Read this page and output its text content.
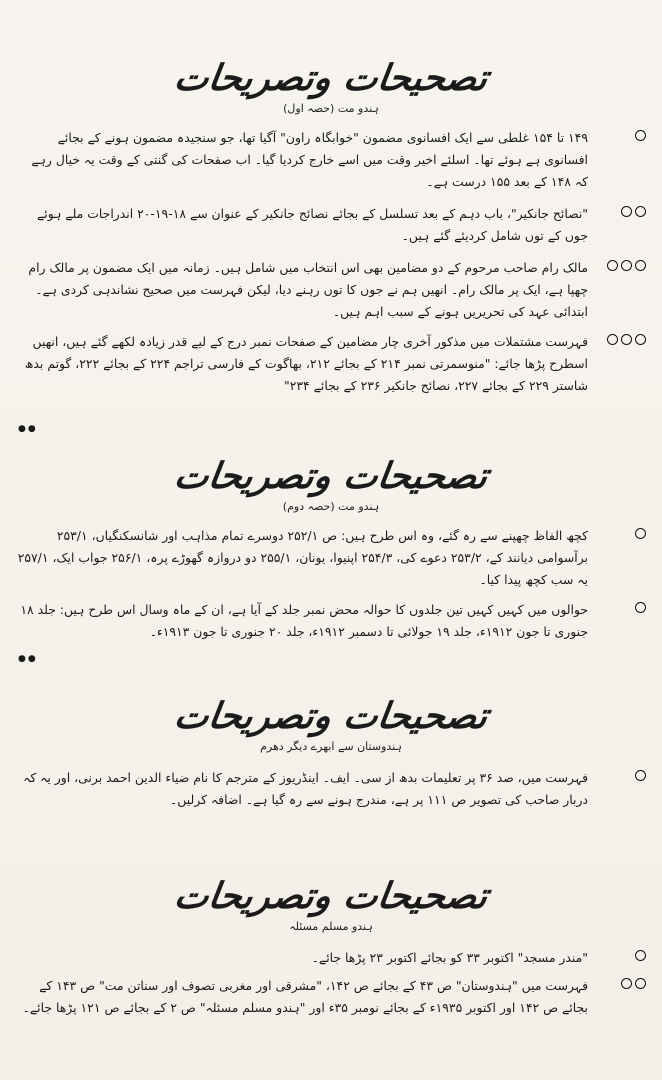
تصحیحات وتصریحات
ہندو مت (حصہ اول)
۱۴۹ تا ۱۵۴ غلطی سے ایک افسانوی مضمون "خوابگاہ راون" آگیا تھا، جو سنجیدہ مضمون ہونے کے بجائے افسانوی ہے ہوئے تھا۔ اسلئے اخیر وقت میں اسے خارج کردیا گیا۔ اب صفحات کی گنتی کے وقت یہ خیال رہے کہ ۱۴۸ کے بعد ۱۵۵ درست ہے۔
"نصائح جانکیر"، باب دہم کے بعد تسلسل کے بجائے نصائح جانکیر کے عنوان سے ۱۸-۱۹-۲۰ اندراجات ملے ہوئے جوں کے توں شامل کردیئے گئے ہیں۔
مالک رام صاحب مرحوم کے دو مضامین بھی اس انتخاب میں شامل ہیں۔ زمانہ میں ایک مضمون پر مالک رام چھپا ہے، ایک پر مالک رام۔ انھیں ہم نے جوں کا توں رہنے دیا، لیکن فہرست میں صحیح نشاندہی کردی ہے۔ ابتدائی عہد کی تحریریں ہونے کے سبب اہم ہیں۔
فہرست مشتملات میں مذکور آخری چار مضامین کے صفحات نمبر درج کے لیے قدر زیادہ لکھے گئے ہیں، انھیں اسطرح پڑھا جائے: "منوسمرتی نمبر ۲۱۴ کے بجائے ۲۱۲، بھاگوت کے فارسی تراجم ۲۲۴ کے بجائے ۲۲۲، گوتم بدھ شاستر ۲۲۹ کے بجائے ۲۲۷، نصائح جانکیر ۲۳۶ کے بجائے ۲۳۴"
●●
تصحیحات وتصریحات
ہندو مت (حصہ دوم)
کچھ الفاظ چھپنے سے رہ گئے، وہ اس طرح ہیں: ص ۲۵۲/۱ دوسرے تمام مذاہب اور شانسکنگیاں، ۲۵۳/۱ برآسوامی دیانند کے، ۲۵۳/۲ دعوے کی، ۲۵۴/۳ اپنیوا، یونان، ۲۵۵/۱ دو دروازہ گھوڑے پرہ، ۲۵۶/۱ جواب ایک، ۲۵۷/۱ یہ سب کچھ پیدا کیا۔
حوالوں میں کہیں کہیں تین جلدوں کا حوالہ محض نمبر جلد کے آیا ہے، ان کے ماہ وسال اس طرح ہیں: جلد ۱۸ جنوری تا جون ۱۹۱۲ء، جلد ۱۹ جولائی تا دسمبر ۱۹۱۲ء، جلد ۲۰ جنوری تا جون ۱۹۱۳ء۔
●●
تصحیحات وتصریحات
ہندوستان سے ابھرے دیگر دھرم
فہرست میں، صد ۳۶ پر تعلیمات بدھ از سی۔ ایف۔ اینڈریوز کے مترجم کا نام ضیاء الدین احمد برنی، اور یہ کہ دربار صاحب کی تصویر ص ۱۱۱ پر ہے، مندرج ہونے سے رہ گیا ہے۔ اضافہ کرلیں۔
تصحیحات وتصریحات
ہندو مسلم مسئلہ
"مندر مسجد" اکتوبر ۳۳ کو بجائے اکتوبر ۲۳ پڑھا جائے۔
فہرست میں "ہندوستان" ص ۴۳ کے بجائے ص ۱۴۲، "مشرقی اور مغربی تصوف اور سناتن مت" ص ۱۴۳ کے بجائے ص ۱۴۲ اور اکتوبر ۱۹۳۵ء کے بجائے نومبر ۳۵ء اور "ہندو مسلم مسئلہ" ص ۲ کے بجائے ص ۱۲۱ پڑھا جائے۔
